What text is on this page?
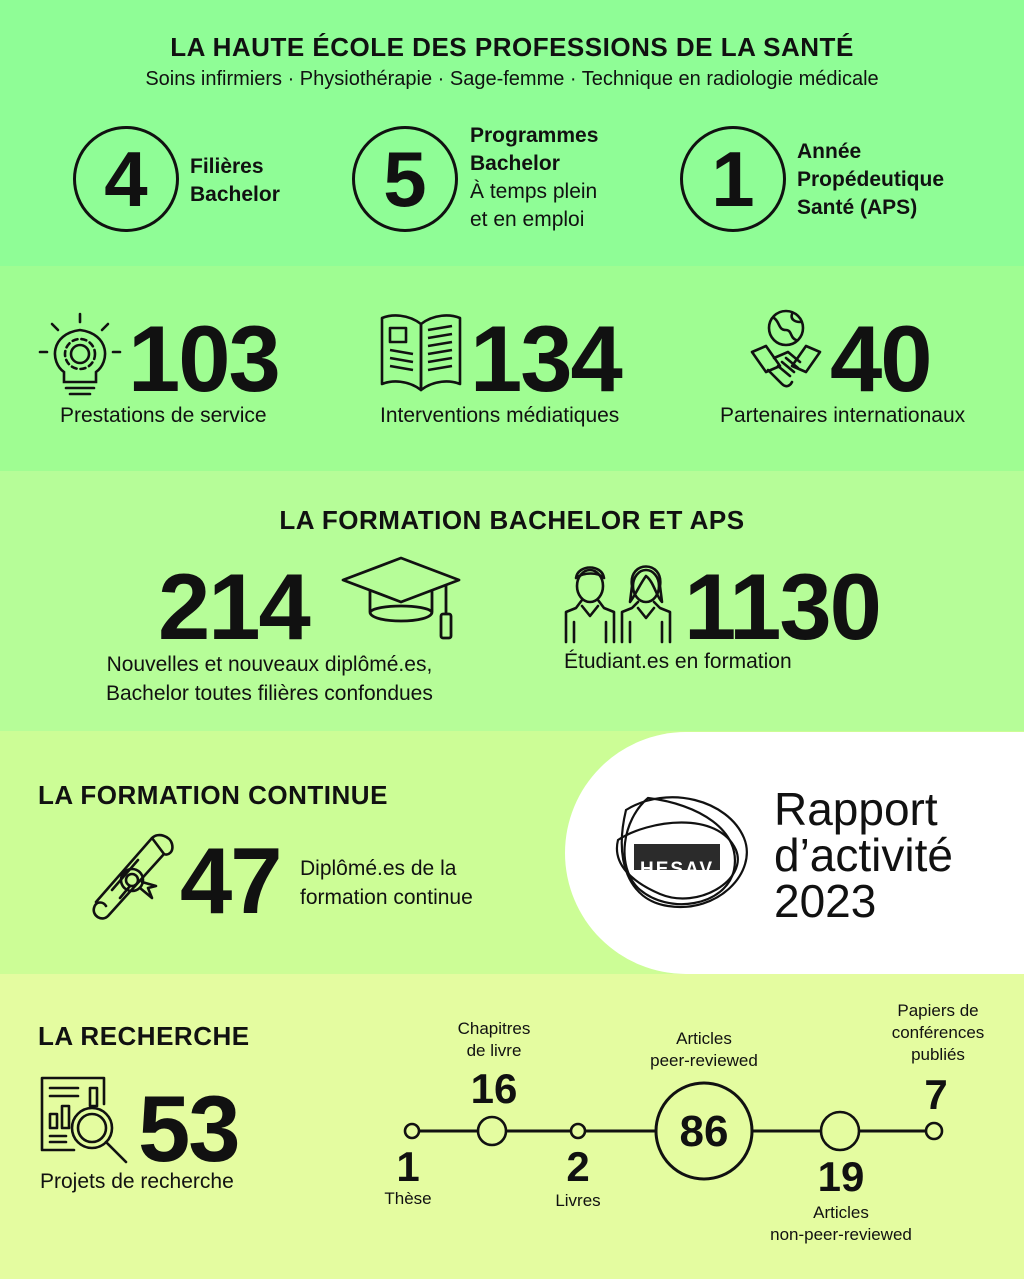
LA HAUTE ÉCOLE DES PROFESSIONS DE LA SANTÉ
Soins infirmiers · Physiothérapie · Sage-femme · Technique en radiologie médicale
4	Filières
Bachelor	5	Programmes
Bachelor
À temps plein
et en emploi	1	Année
Propédeutique
Santé (APS)
103
Prestations de service
134
Interventions médiatiques
40
Partenaires internationaux
LA FORMATION BACHELOR ET APS
214
Nouvelles et nouveaux diplômé.es,
Bachelor toutes filières confondues
1130
Étudiant.es en formation
LA FORMATION CONTINUE
47 Diplômé.es de la
formation continue
HESAV
Rapport
d’activité
2023
LA RECHERCHE
53
Projets de recherche	1
Thèse
Chapitres
de livre
16
2
Livres
Articles
peer-reviewed
86
19
Articles
non-peer-reviewed
Papiers de
conférences
publiés
7
